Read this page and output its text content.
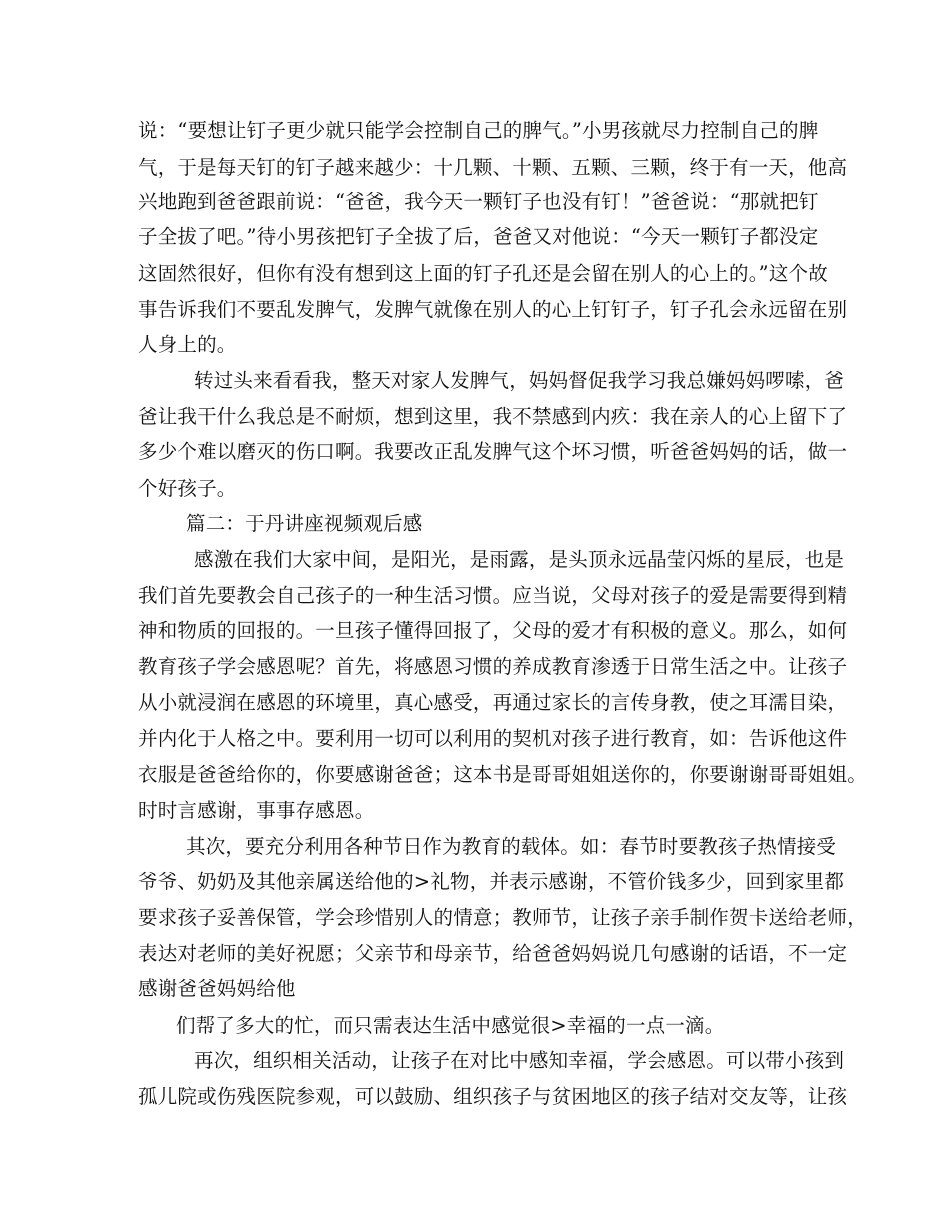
说：“要想让钉子更少就只能学会控制自己的脾气。”小男孩就尽力控制自己的脾
气，于是每天钉的钉子越来越少：十几颗、十颗、五颗、三颗，终于有一天，他高
兴地跑到爸爸跟前说：“爸爸，我今天一颗钉子也没有钉！”爸爸说：“那就把钉
子全拔了吧。”待小男孩把钉子全拔了后，爸爸又对他说：“今天一颗钉子都没定
这固然很好，但你有没有想到这上面的钉子孔还是会留在别人的心上的。”这个故
事告诉我们不要乱发脾气，发脾气就像在别人的心上钉钉子，钉子孔会永远留在别
人身上的。
转过头来看看我，整天对家人发脾气，妈妈督促我学习我总嫌妈妈啰嗦，爸
爸让我干什么我总是不耐烦，想到这里，我不禁感到内疚：我在亲人的心上留下了
多少个难以磨灭的伤口啊。我要改正乱发脾气这个坏习惯，听爸爸妈妈的话，做一
个好孩子。
篇二：于丹讲座视频观后感
感激在我们大家中间，是阳光，是雨露，是头顶永远晶莹闪烁的星辰，也是
我们首先要教会自己孩子的一种生活习惯。应当说，父母对孩子的爱是需要得到精
神和物质的回报的。一旦孩子懂得回报了，父母的爱才有积极的意义。那么，如何
教育孩子学会感恩呢？首先，将感恩习惯的养成教育渗透于日常生活之中。让孩子
从小就浸润在感恩的环境里，真心感受，再通过家长的言传身教，使之耳濡目染，
并内化于人格之中。要利用一切可以利用的契机对孩子进行教育，如：告诉他这件
衣服是爸爸给你的，你要感谢爸爸；这本书是哥哥姐姐送你的，你要谢谢哥哥姐姐。
时时言感谢，事事存感恩。
其次，要充分利用各种节日作为教育的载体。如：春节时要教孩子热情接受
爷爷、奶奶及其他亲属送给他的>礼物，并表示感谢，不管价钱多少，回到家里都
要求孩子妥善保管，学会珍惜别人的情意；教师节，让孩子亲手制作贺卡送给老师，
表达对老师的美好祝愿；父亲节和母亲节，给爸爸妈妈说几句感谢的话语，不一定
感谢爸爸妈妈给他
们帮了多大的忙，而只需表达生活中感觉很>幸福的一点一滴。
再次，组织相关活动，让孩子在对比中感知幸福，学会感恩。可以带小孩到
孤儿院或伤残医院参观，可以鼓励、组织孩子与贫困地区的孩子结对交友等，让孩
